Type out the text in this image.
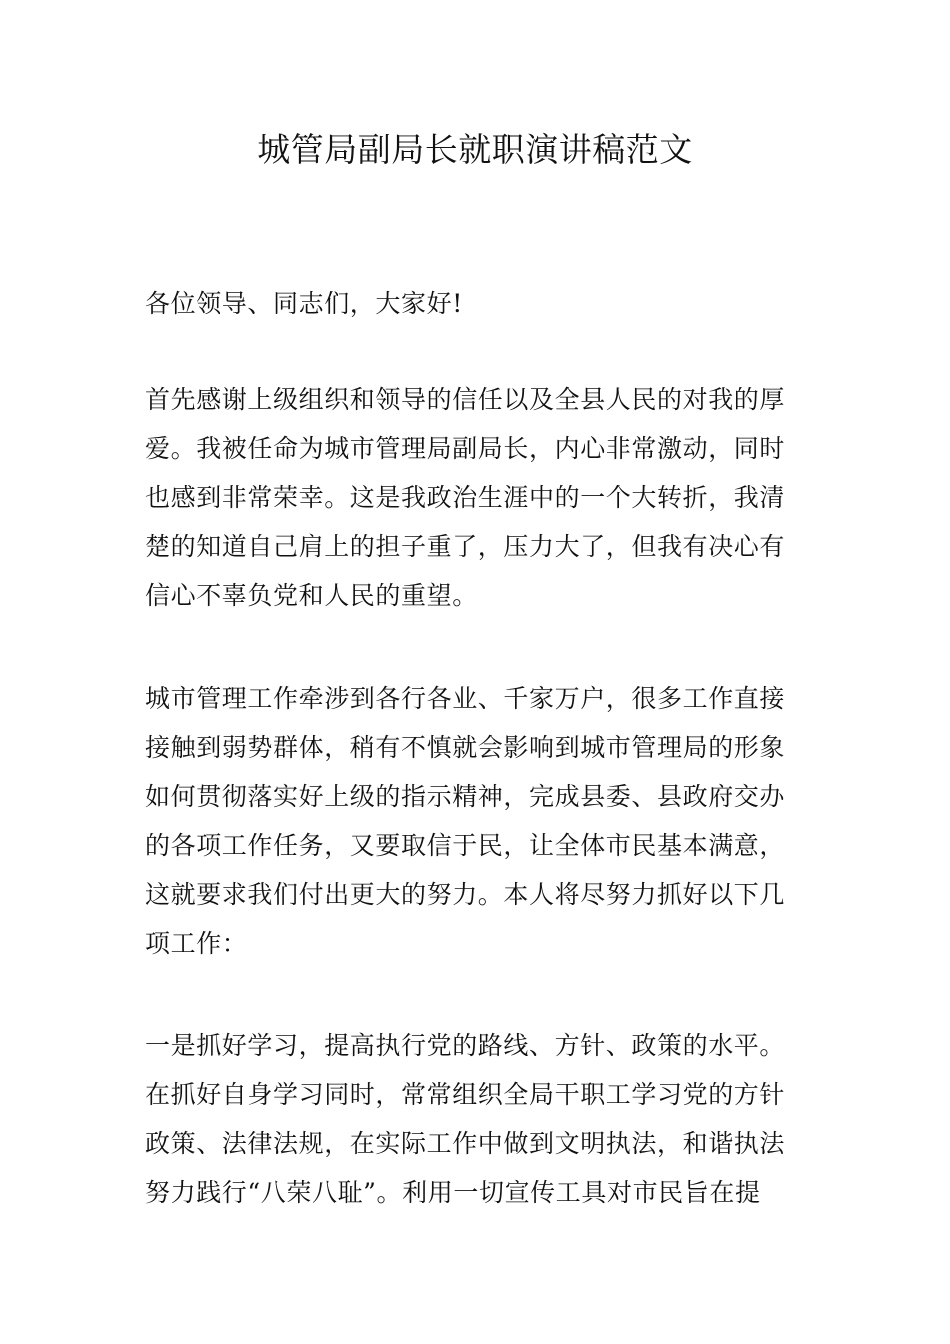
城管局副局长就职演讲稿范文
各位领导、同志们，大家好!
首先感谢上级组织和领导的信任以及全县人民的对我的厚
爱。我被任命为城市管理局副局长，内心非常激动，同时
也感到非常荣幸。这是我政治生涯中的一个大转折，我清
楚的知道自己肩上的担子重了，压力大了，但我有决心有
信心不辜负党和人民的重望。
城市管理工作牵涉到各行各业、千家万户，很多工作直接
接触到弱势群体，稍有不慎就会影响到城市管理局的形象
如何贯彻落实好上级的指示精神，完成县委、县政府交办
的各项工作任务，又要取信于民，让全体市民基本满意，
这就要求我们付出更大的努力。本人将尽努力抓好以下几
项工作：
一是抓好学习，提高执行党的路线、方针、政策的水平。
在抓好自身学习同时，常常组织全局干职工学习党的方针
政策、法律法规，在实际工作中做到文明执法，和谐执法
努力践行“八荣八耻”。利用一切宣传工具对市民旨在提
